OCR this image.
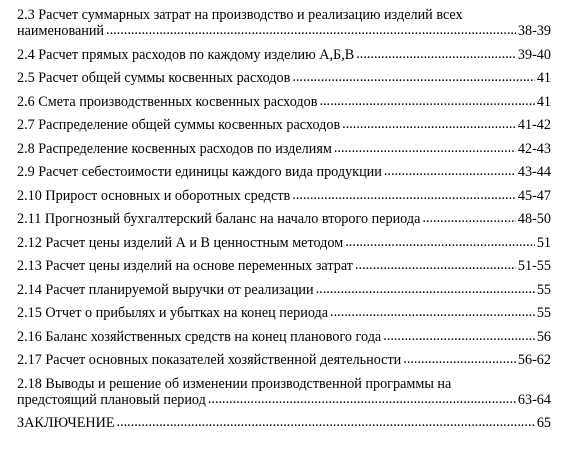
2.3 Расчет суммарных затрат на производство и реализацию изделий всех
наименований .....	38-39
2.4 Расчет прямых расходов по каждому изделию А,Б,В .....	39-40
2.5 Расчет общей суммы косвенных расходов .....	41
2.6 Смета производственных косвенных расходов .....	41
2.7 Распределение общей суммы косвенных расходов .....	41-42
2.8 Распределение косвенных расходов по изделиям .....	42-43
2.9 Расчет себестоимости единицы каждого вида продукции .....	43-44
2.10 Прирост основных и оборотных средств .....	45-47
2.11 Прогнозный бухгалтерский баланс на начало второго периода .....	48-50
2.12 Расчет цены изделий А и В ценностным методом .....	51
2.13 Расчет цены изделий на основе переменных затрат .....	51-55
2.14 Расчет планируемой выручки от реализации .....	55
2.15 Отчет о прибылях и убытках на конец периода .....	55
2.16 Баланс хозяйственных средств на конец планового года .....	56
2.17 Расчет основных показателей хозяйственной деятельности .....	56-62
2.18 Выводы и решение об изменении производственной программы на
предстоящий плановый период .....	63-64
ЗАКЛЮЧЕНИЕ .....	65
